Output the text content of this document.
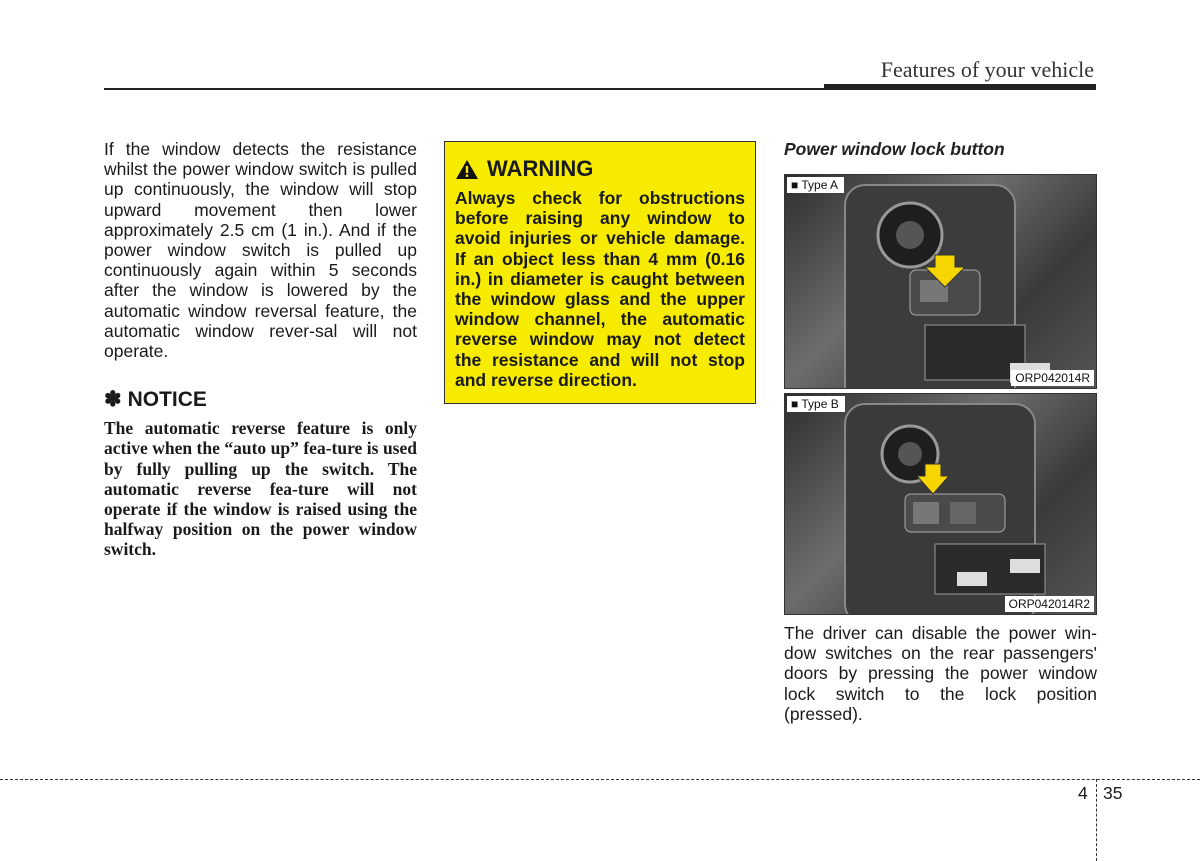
Features of your vehicle

If the window detects the resistance whilst the power window switch is pulled up continuously, the window will stop upward movement then lower approximately 2.5 cm (1 in.). And if the power window switch is pulled up continuously again within 5 seconds after the window is lowered by the automatic window reversal feature, the automatic window rever-sal will not operate.

✽ NOTICE

The automatic reverse feature is only active when the “auto up” fea-ture is used by fully pulling up the switch. The automatic reverse fea-ture will not operate if the window is raised using the halfway position on the power window switch.

WARNING

Always check for obstructions before raising any window to avoid injuries or vehicle damage. If an object less than 4 mm (0.16 in.) in diameter is caught between the window glass and the upper window channel, the automatic reverse window may not detect the resistance and will not stop and reverse direction.

Power window lock button

■ Type A
ORP042014R
■ Type B
ORP042014R2

The driver can disable the power win-dow switches on the rear passengers' doors by pressing the power window lock switch to the lock position (pressed).

4 35
